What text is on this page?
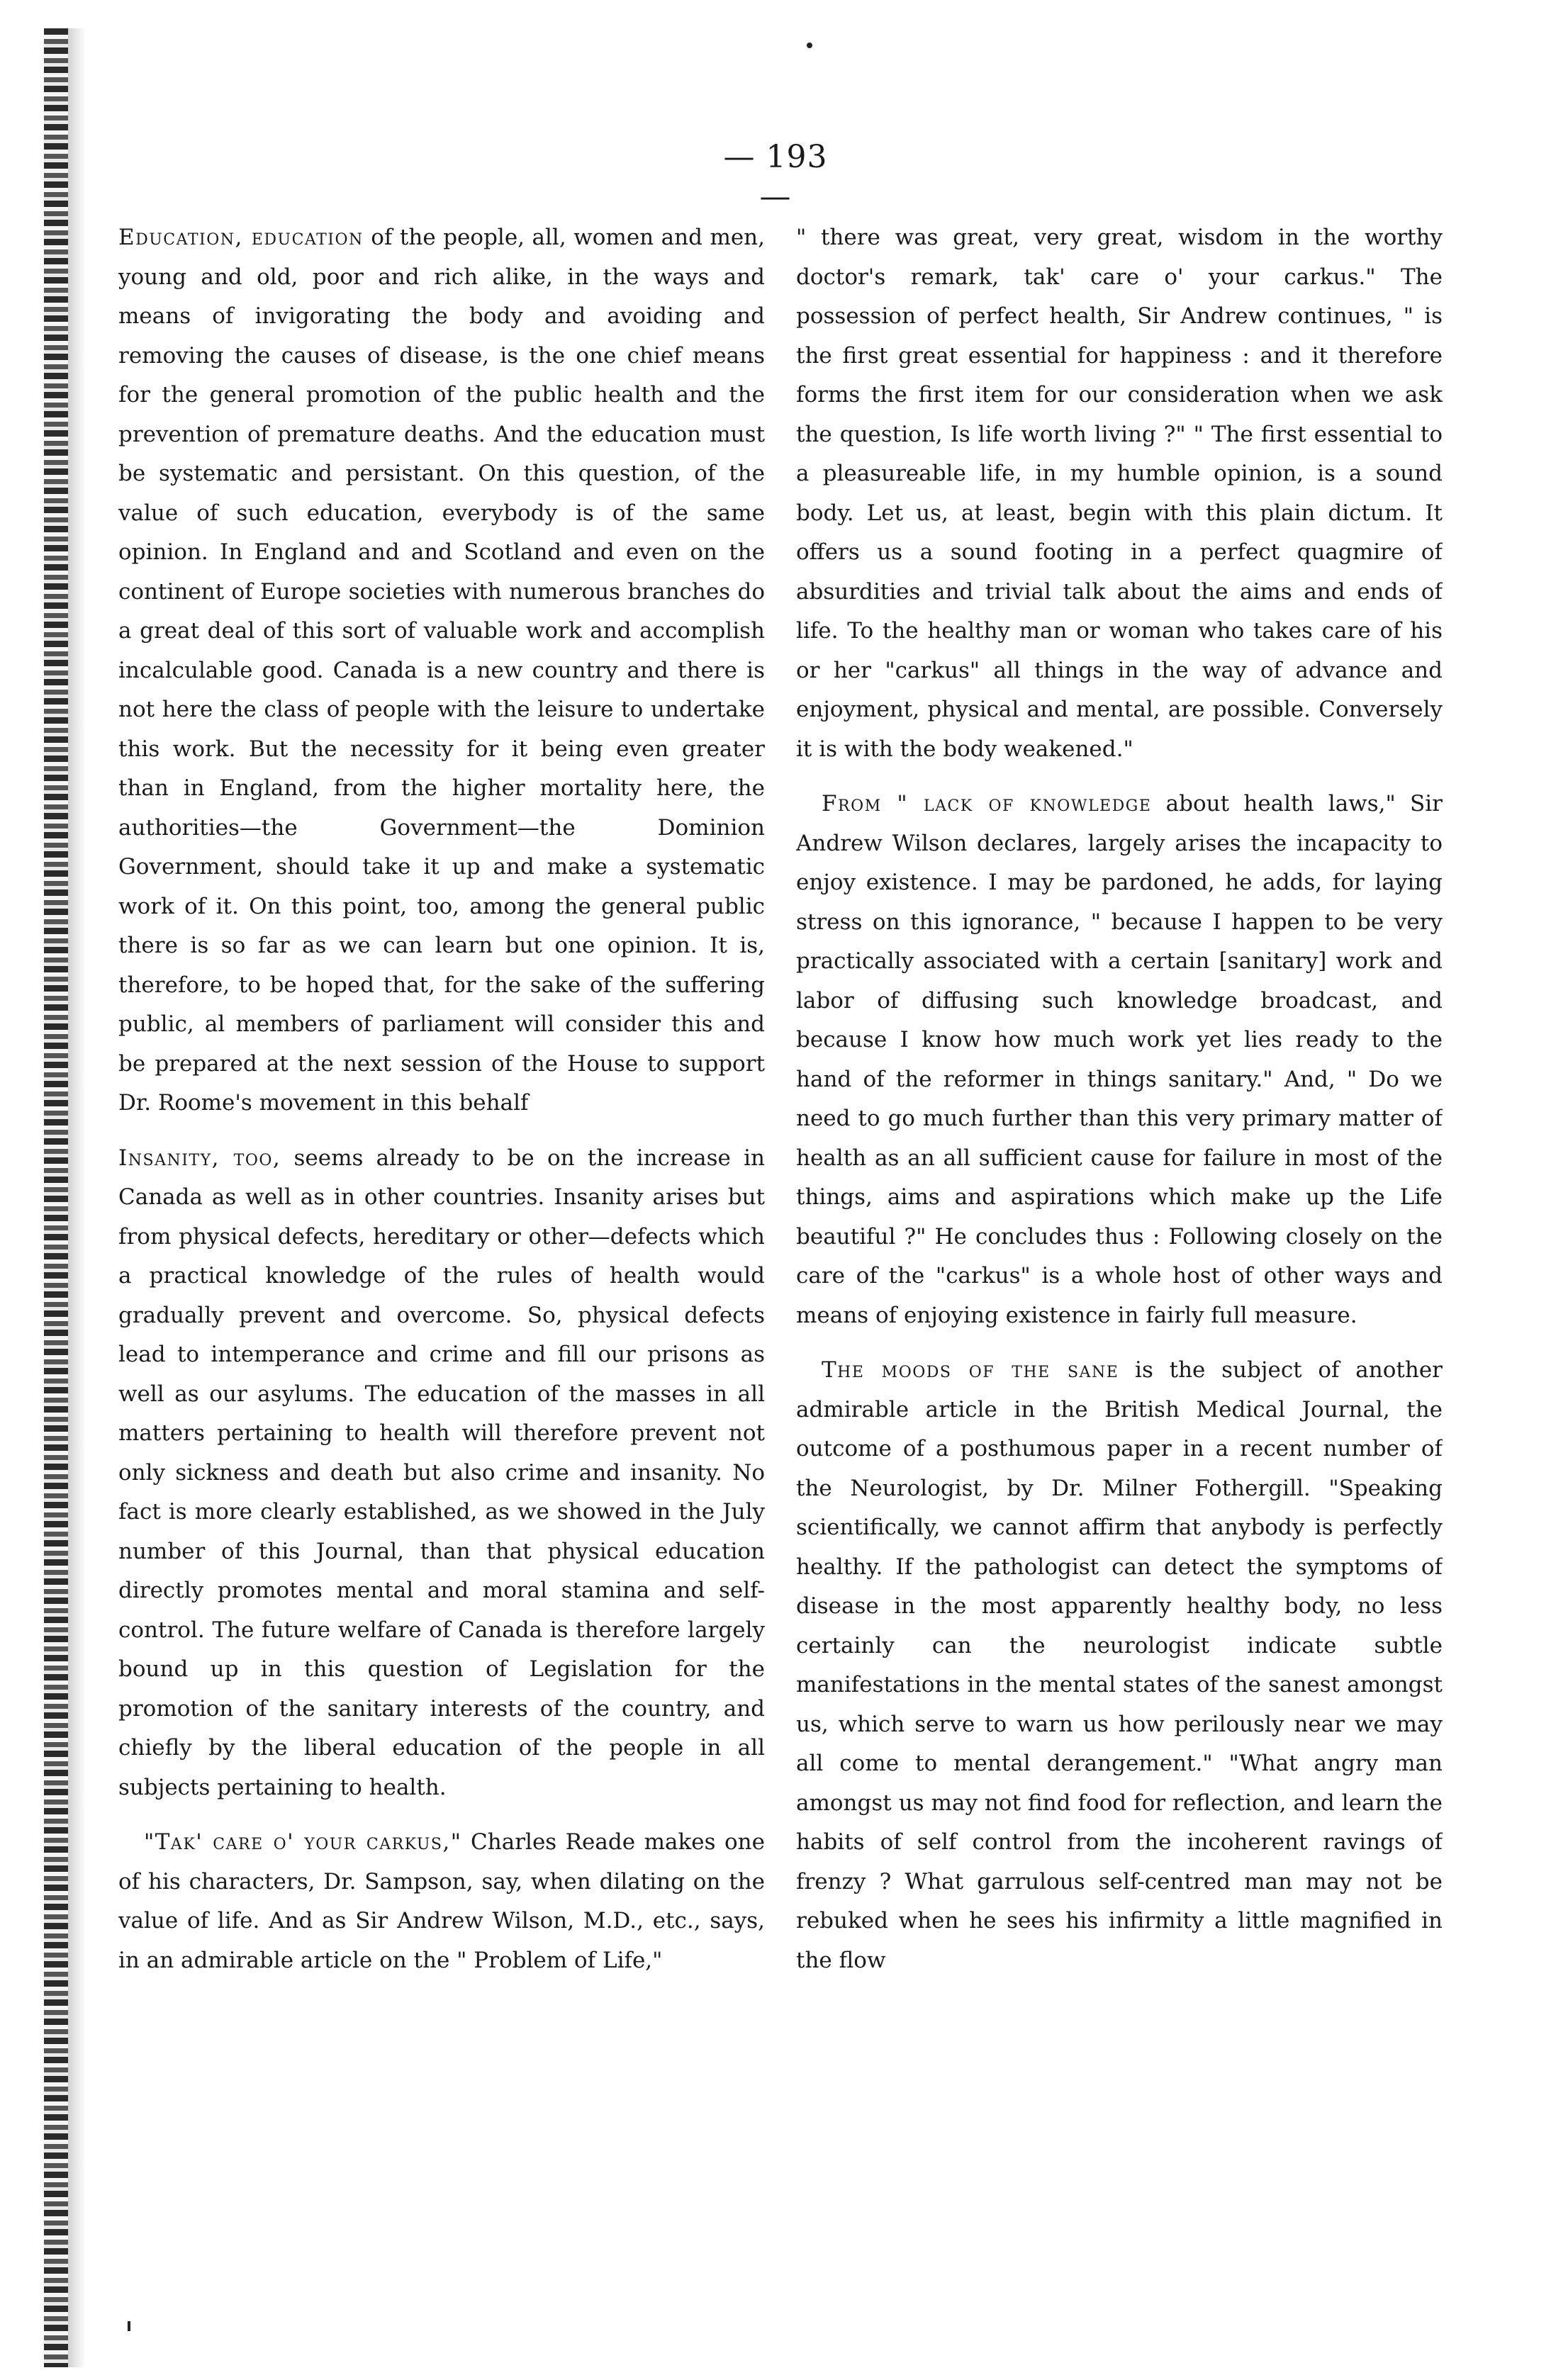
— 193 —

Education, education of the people, all, women and men, young and old, poor and rich alike, in the ways and means of invigorating the body and avoiding and removing the causes of disease, is the one chief means for the general promotion of the public health and the prevention of premature deaths. And the education must be systematic and persistant. On this question, of the value of such education, everybody is of the same opinion. In England and and Scotland and even on the continent of Europe societies with numerous branches do a great deal of this sort of valuable work and accomplish incalculable good. Canada is a new country and there is not here the class of people with the leisure to undertake this work. But the necessity for it being even greater than in England, from the higher mortality here, the authorities—the Government—the Dominion Government, should take it up and make a systematic work of it. On this point, too, among the general public there is so far as we can learn but one opinion. It is, therefore, to be hoped that, for the sake of the suffering public, al members of parliament will consider this and be prepared at the next session of the House to support Dr. Roome's movement in this behalf

Insanity, too, seems already to be on the increase in Canada as well as in other countries. Insanity arises but from physical defects, hereditary or other—defects which a practical knowledge of the rules of health would gradually prevent and overcome. So, physical defects lead to intemperance and crime and fill our prisons as well as our asylums. The education of the masses in all matters pertaining to health will therefore prevent not only sickness and death but also crime and insanity. No fact is more clearly established, as we showed in the July number of this Journal, than that physical education directly promotes mental and moral stamina and self-control. The future welfare of Canada is therefore largely bound up in this question of Legislation for the promotion of the sanitary interests of the country, and chiefly by the liberal education of the people in all subjects pertaining to health.

"Tak' care o' your carkus," Charles Reade makes one of his characters, Dr. Sampson, say, when dilating on the value of life. And as Sir Andrew Wilson, M.D., etc., says, in an admirable article on the " Problem of Life,"

" there was great, very great, wisdom in the worthy doctor's remark, tak' care o' your carkus." The possession of perfect health, Sir Andrew continues, " is the first great essential for happiness : and it therefore forms the first item for our consideration when we ask the question, Is life worth living ?" " The first essential to a pleasureable life, in my humble opinion, is a sound body. Let us, at least, begin with this plain dictum. It offers us a sound footing in a perfect quagmire of absurdities and trivial talk about the aims and ends of life. To the healthy man or woman who takes care of his or her "carkus" all things in the way of advance and enjoyment, physical and mental, are possible. Conversely it is with the body weakened."

From " lack of knowledge about health laws," Sir Andrew Wilson declares, largely arises the incapacity to enjoy existence. I may be pardoned, he adds, for laying stress on this ignorance, " because I happen to be very practically associated with a certain [sanitary] work and labor of diffusing such knowledge broadcast, and because I know how much work yet lies ready to the hand of the reformer in things sanitary." And, " Do we need to go much further than this very primary matter of health as an all sufficient cause for failure in most of the things, aims and aspirations which make up the Life beautiful ?" He concludes thus : Following closely on the care of the "carkus" is a whole host of other ways and means of enjoying existence in fairly full measure.

The moods of the sane is the subject of another admirable article in the British Medical Journal, the outcome of a posthumous paper in a recent number of the Neurologist, by Dr. Milner Fothergill. "Speaking scientifically, we cannot affirm that anybody is perfectly healthy. If the pathologist can detect the symptoms of disease in the most apparently healthy body, no less certainly can the neurologist indicate subtle manifestations in the mental states of the sanest amongst us, which serve to warn us how perilously near we may all come to mental derangement." "What angry man amongst us may not find food for reflection, and learn the habits of self control from the incoherent ravings of frenzy ? What garrulous self-centred man may not be rebuked when he sees his infirmity a little magnified in the flow
